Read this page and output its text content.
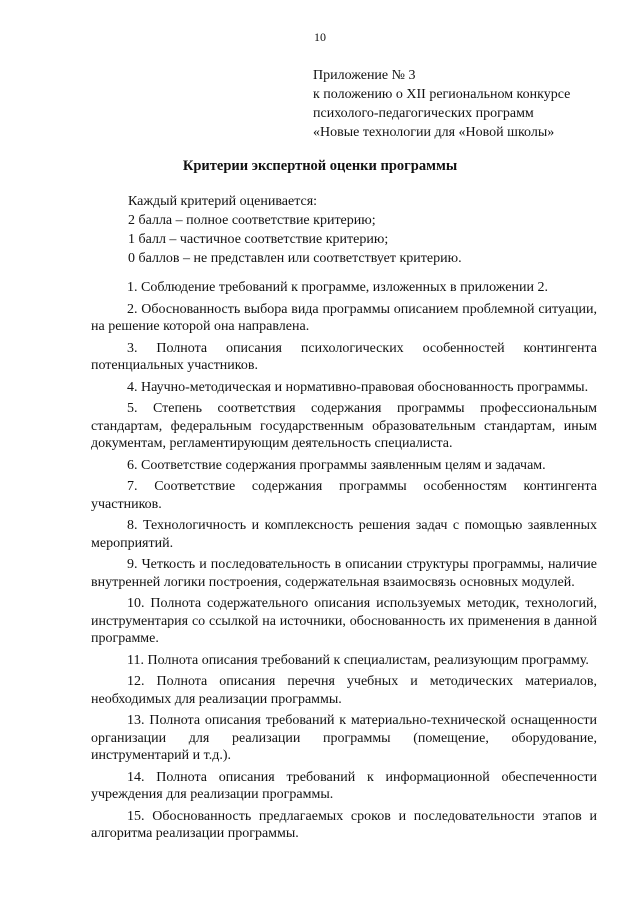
10
Приложение № 3
к положению о XII региональном конкурсе
психолого-педагогических программ
«Новые технологии для «Новой школы»
Критерии экспертной оценки программы
Каждый критерий оценивается:
2 балла – полное соответствие критерию;
1 балл – частичное соответствие критерию;
0 баллов – не представлен или соответствует критерию.
1. Соблюдение требований к программе, изложенных в приложении 2.
2. Обоснованность выбора вида программы описанием проблемной ситуации, на решение которой она направлена.
3. Полнота описания психологических особенностей контингента потенциальных участников.
4. Научно-методическая и нормативно-правовая обоснованность программы.
5. Степень соответствия содержания программы профессиональным стандартам, федеральным государственным образовательным стандартам, иным документам, регламентирующим деятельность специалиста.
6. Соответствие содержания программы заявленным целям и задачам.
7. Соответствие содержания программы особенностям контингента участников.
8. Технологичность и комплексность решения задач с помощью заявленных мероприятий.
9. Четкость и последовательность в описании структуры программы, наличие внутренней логики построения, содержательная взаимосвязь основных модулей.
10. Полнота содержательного описания используемых методик, технологий, инструментария со ссылкой на источники, обоснованность их применения в данной программе.
11. Полнота описания требований к специалистам, реализующим программу.
12. Полнота описания перечня учебных и методических материалов, необходимых для реализации программы.
13. Полнота описания требований к материально-технической оснащенности организации для реализации программы (помещение, оборудование, инструментарий и т.д.).
14. Полнота описания требований к информационной обеспеченности учреждения для реализации программы.
15. Обоснованность предлагаемых сроков и последовательности этапов и алгоритма реализации программы.
